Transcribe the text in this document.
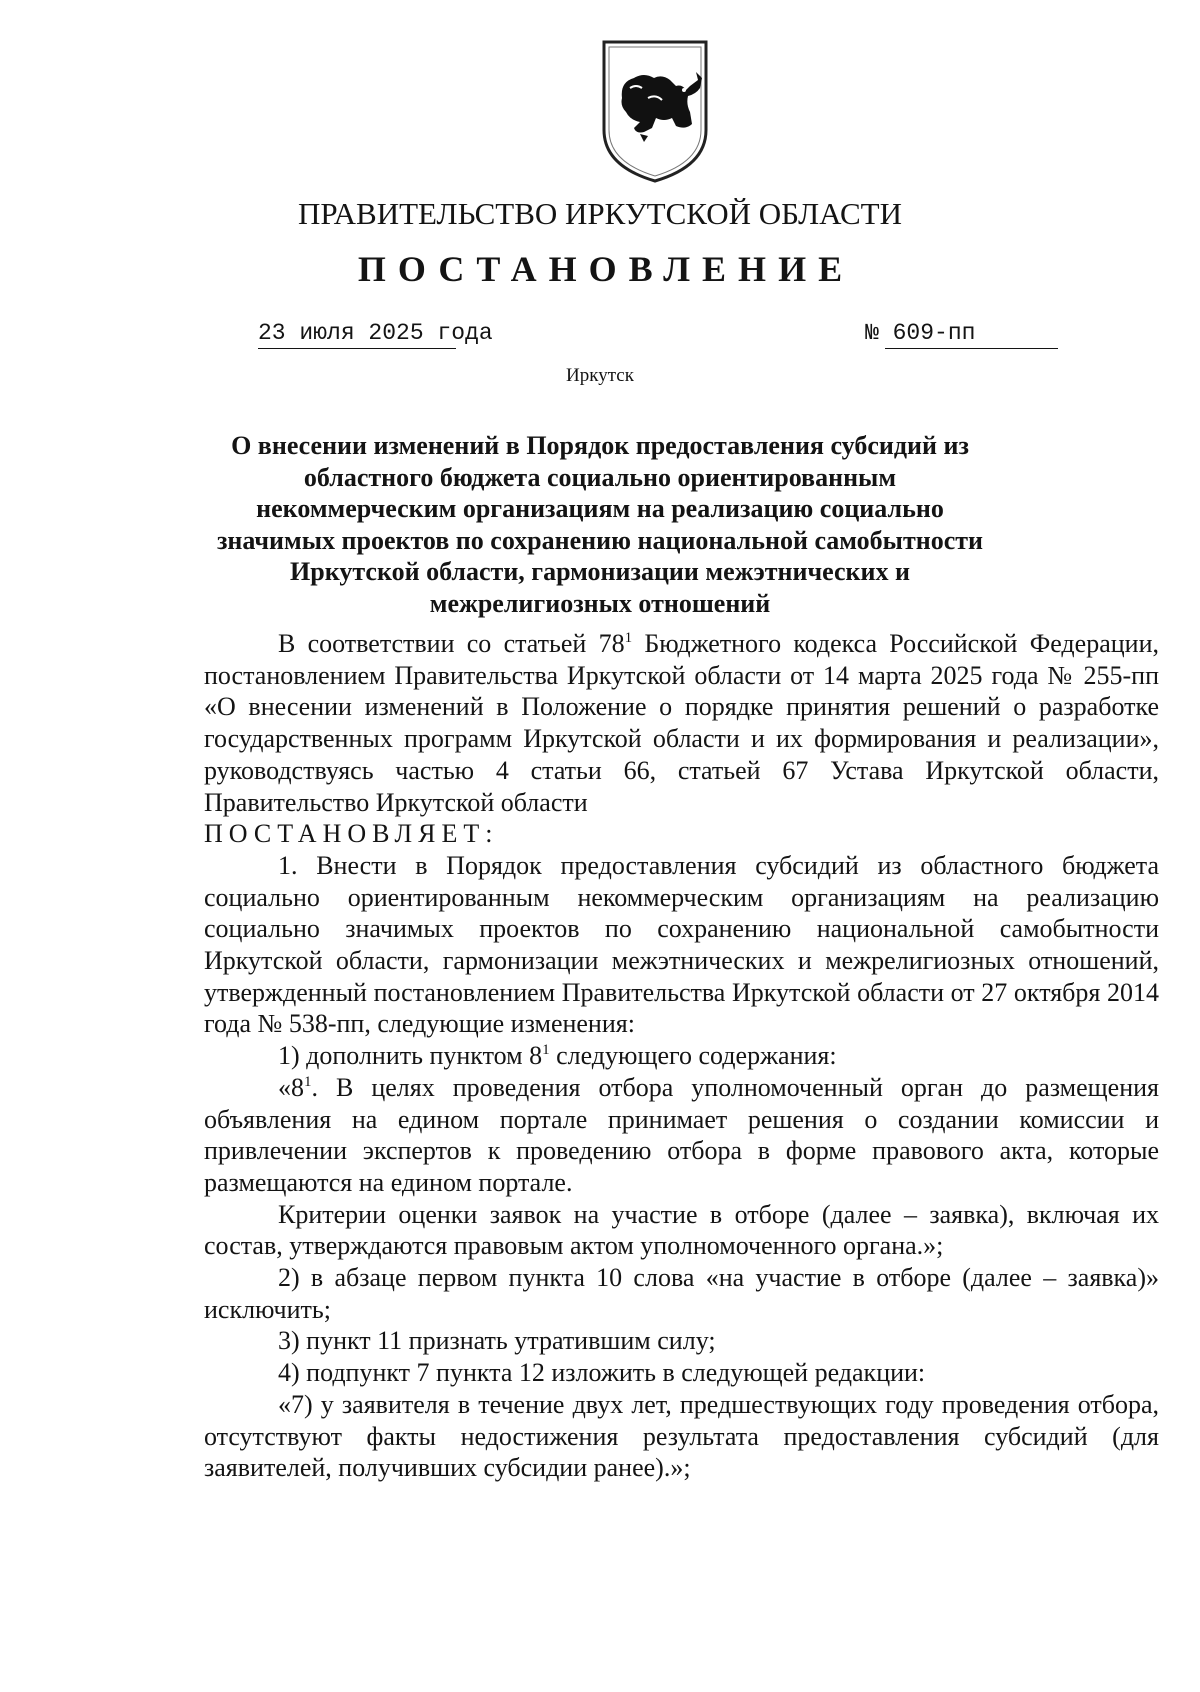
ПРАВИТЕЛЬСТВО ИРКУТСКОЙ ОБЛАСТИ
ПОСТАНОВЛЕНИЕ
23 июля 2025 года	№ 609-пп
Иркутск
О внесении изменений в Порядок предоставления субсидий из областного бюджета социально ориентированным некоммерческим организациям на реализацию социально значимых проектов по сохранению национальной самобытности Иркутской области, гармонизации межэтнических и межрелигиозных отношений

В соответствии со статьей $78^1$ Бюджетного кодекса Российской Федерации, постановлением Правительства Иркутской области от 14 марта 2025 года № 255-пп «О внесении изменений в Положение о порядке принятия решений о разработке государственных программ Иркутской области и их формирования и реализации», руководствуясь частью 4 статьи 66, статьей 67 Устава Иркутской области, Правительство Иркутской области

ПОСТАНОВЛЯЕТ:

1. Внести в Порядок предоставления субсидий из областного бюджета социально ориентированным некоммерческим организациям на реализацию социально значимых проектов по сохранению национальной самобытности Иркутской области, гармонизации межэтнических и межрелигиозных отношений, утвержденный постановлением Правительства Иркутской области от 27 октября 2014 года № 538-пп, следующие изменения:

1) дополнить пунктом $8^1$ следующего содержания:

«$8^1$. В целях проведения отбора уполномоченный орган до размещения объявления на едином портале принимает решения о создании комиссии и привлечении экспертов к проведению отбора в форме правового акта, которые размещаются на едином портале.

Критерии оценки заявок на участие в отборе (далее – заявка), включая их состав, утверждаются правовым актом уполномоченного органа.»;

2) в абзаце первом пункта 10 слова «на участие в отборе (далее – заявка)» исключить;

3) пункт 11 признать утратившим силу;

4) подпункт 7 пункта 12 изложить в следующей редакции:

«7) у заявителя в течение двух лет, предшествующих году проведения отбора, отсутствуют факты недостижения результата предоставления субсидий (для заявителей, получивших субсидии ранее).»;
